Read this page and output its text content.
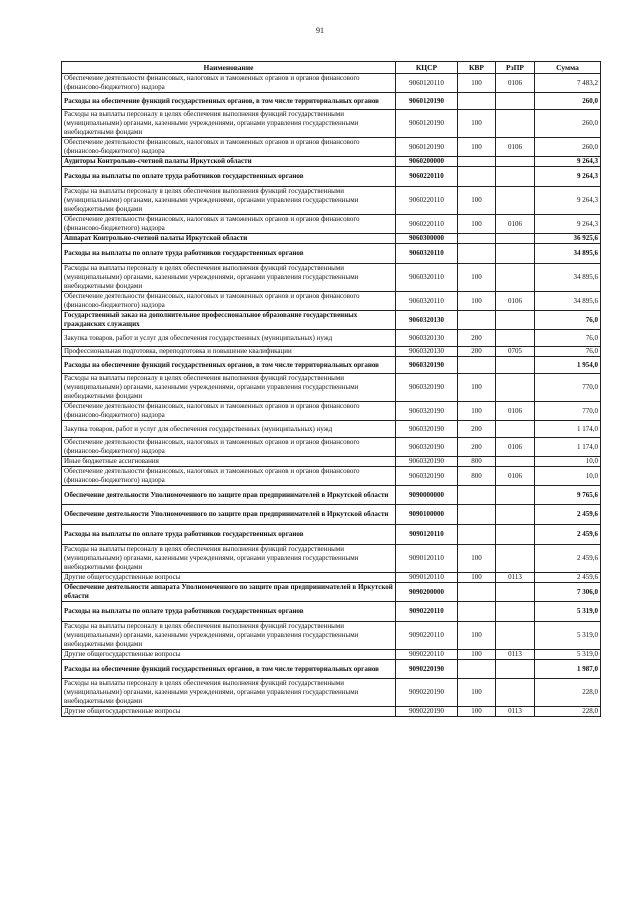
91
Наименование	КЦСР	КВР	РзПР	Сумма
Обеспечение деятельности финансовых, налоговых и таможенных органов и органов финансового (финансово-бюджетного) надзора	9060120110	100	0106	7 483,2
Расходы на обеспечение функций государственных органов, в том числе территориальных органов	9060120190			260,0
Расходы на выплаты персоналу в целях обеспечения выполнения функций государственными (муниципальными) органами, казенными учреждениями, органами управления государственными внебюджетными фондами	9060120190	100		260,0
Обеспечение деятельности финансовых, налоговых и таможенных органов и органов финансового (финансово-бюджетного) надзора	9060120190	100	0106	260,0
Аудиторы Контрольно-счетной палаты Иркутской области	9060200000			9 264,3
Расходы на выплаты по оплате труда работников государственных органов	9060220110			9 264,3
Расходы на выплаты персоналу в целях обеспечения выполнения функций государственными (муниципальными) органами, казенными учреждениями, органами управления государственными внебюджетными фондами	9060220110	100		9 264,3
Обеспечение деятельности финансовых, налоговых и таможенных органов и органов финансового (финансово-бюджетного) надзора	9060220110	100	0106	9 264,3
Аппарат Контрольно-счетной палаты Иркутской области	9060300000			36 925,6
Расходы на выплаты по оплате труда работников государственных органов	9060320110			34 895,6
Расходы на выплаты персоналу в целях обеспечения выполнения функций государственными (муниципальными) органами, казенными учреждениями, органами управления государственными внебюджетными фондами	9060320110	100		34 895,6
Обеспечение деятельности финансовых, налоговых и таможенных органов и органов финансового (финансово-бюджетного) надзора	9060320110	100	0106	34 895,6
Государственный заказ на дополнительное профессиональное образование государственных гражданских служащих	9060320130			76,0
Закупка товаров, работ и услуг для обеспечения государственных (муниципальных) нужд	9060320130	200		76,0
Профессиональная подготовка, переподготовка и повышение квалификации	9060320130	200	0705	76,0
Расходы на обеспечение функций государственных органов, в том числе территориальных органов	9060320190			1 954,0
Расходы на выплаты персоналу в целях обеспечения выполнения функций государственными (муниципальными) органами, казенными учреждениями, органами управления государственными внебюджетными фондами	9060320190	100		770,0
Обеспечение деятельности финансовых, налоговых и таможенных органов и органов финансового (финансово-бюджетного) надзора	9060320190	100	0106	770,0
Закупка товаров, работ и услуг для обеспечения государственных (муниципальных) нужд	9060320190	200		1 174,0
Обеспечение деятельности финансовых, налоговых и таможенных органов и органов финансового (финансово-бюджетного) надзора	9060320190	200	0106	1 174,0
Иные бюджетные ассигнования	9060320190	800		10,0
Обеспечение деятельности финансовых, налоговых и таможенных органов и органов финансового (финансово-бюджетного) надзора	9060320190	800	0106	10,0
Обеспечение деятельности Уполномоченного по защите прав предпринимателей в Иркутской области	9090000000			9 765,6
Обеспечение деятельности Уполномоченного по защите прав предпринимателей в Иркутской области	9090100000			2 459,6
Расходы на выплаты по оплате труда работников государственных органов	9090120110			2 459,6
Расходы на выплаты персоналу в целях обеспечения выполнения функций государственными (муниципальными) органами, казенными учреждениями, органами управления государственными внебюджетными фондами	9090120110	100		2 459,6
Другие общегосударственные вопросы	9090120110	100	0113	2 459,6
Обеспечение деятельности аппарата Уполномоченного по защите прав предпринимателей в Иркутской области	9090200000			7 306,0
Расходы на выплаты по оплате труда работников государственных органов	9090220110			5 319,0
Расходы на выплаты персоналу в целях обеспечения выполнения функций государственными (муниципальными) органами, казенными учреждениями, органами управления государственными внебюджетными фондами	9090220110	100		5 319,0
Другие общегосударственные вопросы	9090220110	100	0113	5 319,0
Расходы на обеспечение функций государственных органов, в том числе территориальных органов	9090220190			1 987,0
Расходы на выплаты персоналу в целях обеспечения выполнения функций государственными (муниципальными) органами, казенными учреждениями, органами управления государственными внебюджетными фондами	9090220190	100		228,0
Другие общегосударственные вопросы	9090220190	100	0113	228,0
